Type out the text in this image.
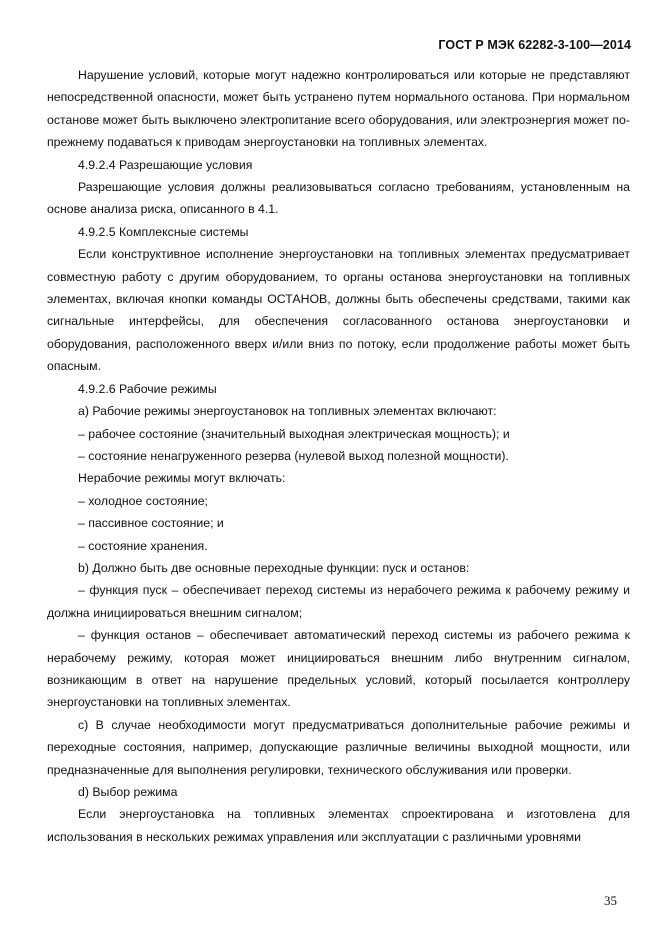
ГОСТ Р МЭК 62282-3-100—2014

Нарушение условий, которые могут надежно контролироваться или которые не представляют непосредственной опасности, может быть устранено путем нормального останова. При нормальном останове может быть выключено электропитание всего оборудования, или электроэнергия может по-прежнему подаваться к приводам энергоустановки на топливных элементах.

4.9.2.4 Разрешающие условия

Разрешающие условия должны реализовываться согласно требованиям, установленным на основе анализа риска, описанного в 4.1.

4.9.2.5 Комплексные системы

Если конструктивное исполнение энергоустановки на топливных элементах предусматривает совместную работу с другим оборудованием, то органы останова энергоустановки на топливных элементах, включая кнопки команды ОСТАНОВ, должны быть обеспечены средствами, такими как сигнальные интерфейсы, для обеспечения согласованного останова энергоустановки и оборудования, расположенного вверх и/или вниз по потоку, если продолжение работы может быть опасным.

4.9.2.6 Рабочие режимы

a) Рабочие режимы энергоустановок на топливных элементах включают:

– рабочее состояние (значительный выходная электрическая мощность); и

– состояние ненагруженного резерва (нулевой выход полезной мощности).

Нерабочие режимы могут включать:

– холодное состояние;

– пассивное состояние; и

– состояние хранения.

b) Должно быть две основные переходные функции: пуск и останов:

– функция пуск – обеспечивает переход системы из нерабочего режима к рабочему режиму и должна инициироваться внешним сигналом;

– функция останов – обеспечивает автоматический переход системы из рабочего режима к нерабочему режиму, которая может инициироваться внешним либо внутренним сигналом, возникающим в ответ на нарушение предельных условий, который посылается контроллеру энергоустановки на топливных элементах.

c) В случае необходимости могут предусматриваться дополнительные рабочие режимы и переходные состояния, например, допускающие различные величины выходной мощности, или предназначенные для выполнения регулировки, технического обслуживания или проверки.

d) Выбор режима

Если энергоустановка на топливных элементах спроектирована и изготовлена для использования в нескольких режимах управления или эксплуатации с различными уровнями

35
